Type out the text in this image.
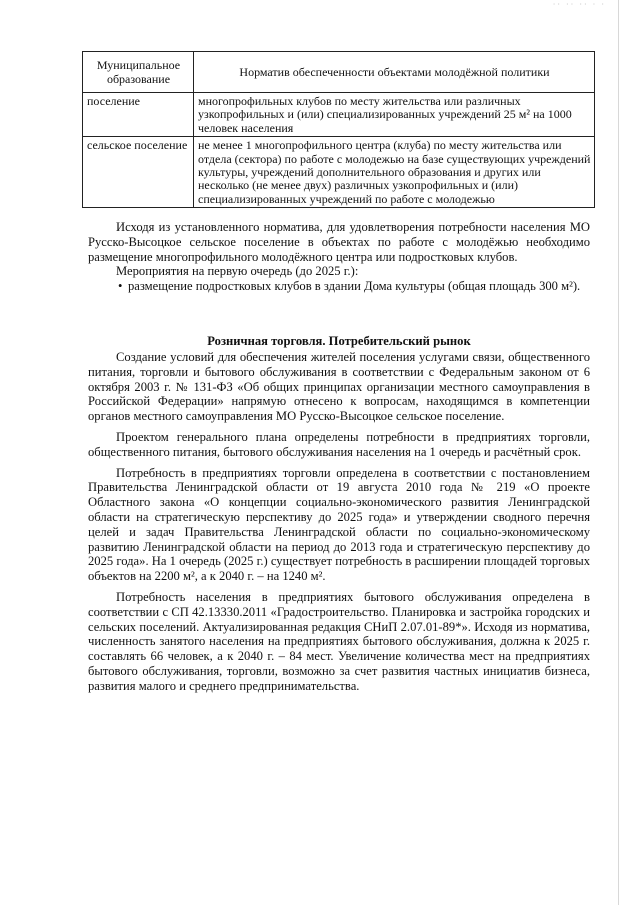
·· ·· ·· · ·
Муниципальное образование	Норматив обеспеченности объектами молодёжной политики
поселение	многопрофильных клубов по месту жительства или различных узкопрофильных и (или) специализированных учреждений 25 м² на 1000 человек населения
сельское поселение	не менее 1 многопрофильного центра (клуба) по месту жительства или отдела (сектора) по работе с молодежью на базе существующих учреждений культуры, учреждений дополнительного образования и других или несколько (не менее двух) различных узкопрофильных и (или) специализированных учреждений по работе с молодежью

Исходя из установленного норматива, для удовлетворения потребности населения МО Русско-Высоцкое сельское поселение в объектах по работе с молодёжью необходимо размещение многопрофильного молодёжного центра или подростковых клубов.

Мероприятия на первую очередь (до 2025 г.):

• размещение подростковых клубов в здании Дома культуры (общая площадь 300 м²).
Розничная торговля. Потребительский рынок

Создание условий для обеспечения жителей поселения услугами связи, общественного питания, торговли и бытового обслуживания в соответствии с Федеральным законом от 6 октября 2003 г. № 131-ФЗ «Об общих принципах организации местного самоуправления в Российской Федерации» напрямую отнесено к вопросам, находящимся в компетенции органов местного самоуправления МО Русско-Высоцкое сельское поселение.

Проектом генерального плана определены потребности в предприятиях торговли, общественного питания, бытового обслуживания населения на 1 очередь и расчётный срок.

Потребность в предприятиях торговли определена в соответствии с постановлением Правительства Ленинградской области от 19 августа 2010 года № 219 «О проекте Областного закона «О концепции социально-экономического развития Ленинградской области на стратегическую перспективу до 2025 года» и утверждении сводного перечня целей и задач Правительства Ленинградской области по социально-экономическому развитию Ленинградской области на период до 2013 года и стратегическую перспективу до 2025 года». На 1 очередь (2025 г.) существует потребность в расширении площадей торговых объектов на 2200 м², а к 2040 г. – на 1240 м².

Потребность населения в предприятиях бытового обслуживания определена в соответствии с СП 42.13330.2011 «Градостроительство. Планировка и застройка городских и сельских поселений. Актуализированная редакция СНиП 2.07.01-89*». Исходя из норматива, численность занятого населения на предприятиях бытового обслуживания, должна к 2025 г. составлять 66 человек, а к 2040 г. – 84 мест. Увеличение количества мест на предприятиях бытового обслуживания, торговли, возможно за счет развития частных инициатив бизнеса, развития малого и среднего предпринимательства.
